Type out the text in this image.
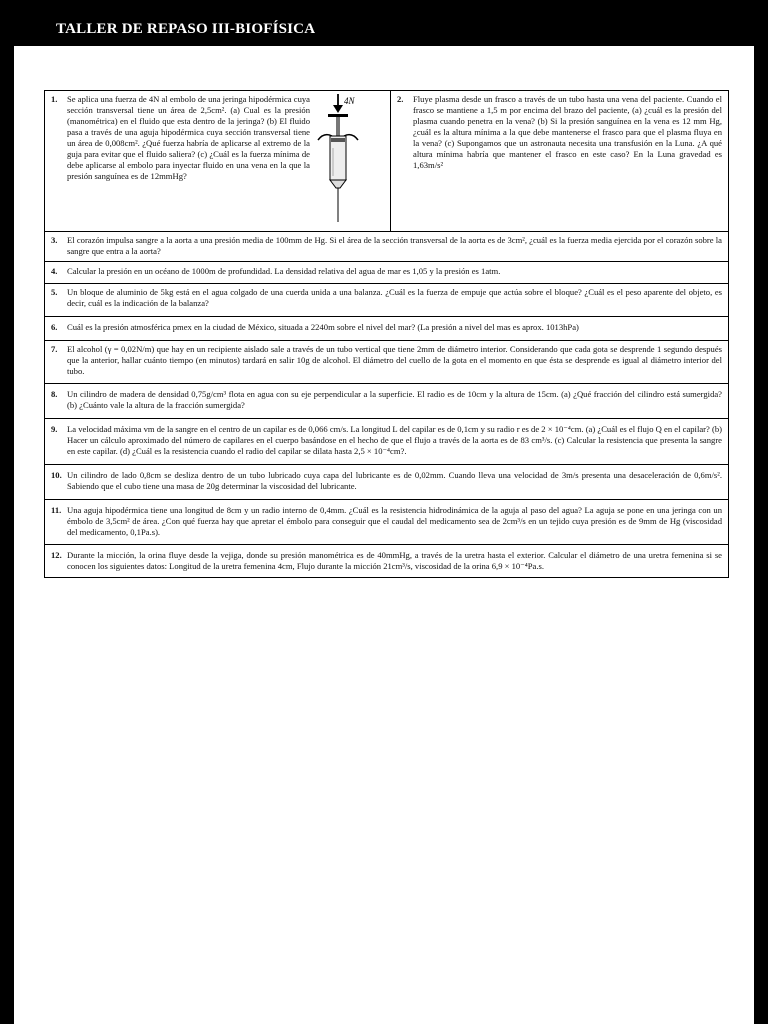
TALLER DE REPASO III-BIOFÍSICA
1.	Se aplica una fuerza de 4N al embolo de una jeringa hipodérmica cuya sección transversal tiene un área de 2,5cm². (a) Cual es la presión (manométrica) en el fluido que esta dentro de la jeringa? (b) El fluido pasa a través de una aguja hipodérmica cuya sección transversal tiene un área de 0,008cm². ¿Qué fuerza habría de aplicarse al extremo de la guja para evitar que el fluido saliera? (c) ¿Cuál es la fuerza mínima de debe aplicarse al embolo para inyectar fluido en una vena en la que la presión sanguínea es de 12mmHg?
4N	2.	Fluye plasma desde un frasco a través de un tubo hasta una vena del paciente. Cuando el frasco se mantiene a 1,5 m por encima del brazo del paciente, (a) ¿cuál es la presión del plasma cuando penetra en la vena? (b) Si la presión sanguínea en la vena es 12 mm Hg, ¿cuál es la altura mínima a la que debe mantenerse el frasco para que el plasma fluya en la vena? (c) Supongamos que un astronauta necesita una transfusión en la Luna. ¿A qué altura mínima habría que mantener el frasco en este caso? En la Luna gravedad es 1,63m/s²

3.	El corazón impulsa sangre a la aorta a una presión media de 100mm de Hg. Si el área de la sección transversal de la aorta es de 3cm², ¿cuál es la fuerza media ejercida por el corazón sobre la sangre que entra a la aorta?

4.	Calcular la presión en un océano de 1000m de profundidad. La densidad relativa del agua de mar es 1,05 y la presión es 1atm.

5.	Un bloque de aluminio de 5kg está en el agua colgado de una cuerda unida a una balanza. ¿Cuál es la fuerza de empuje que actúa sobre el bloque? ¿Cuál es el peso aparente del objeto, es decir, cuál es la indicación de la balanza?

6.	Cuál es la presión atmosférica pmex en la ciudad de México, situada a 2240m sobre el nivel del mar? (La presión a nivel del mas es aprox. 1013hPa)

7.	El alcohol (γ = 0,02N/m) que hay en un recipiente aislado sale a través de un tubo vertical que tiene 2mm de diámetro interior. Considerando que cada gota se desprende 1 segundo después que la anterior, hallar cuánto tiempo (en minutos) tardará en salir 10g de alcohol. El diámetro del cuello de la gota en el momento en que ésta se desprende es igual al diámetro interior del tubo.

8.	Un cilindro de madera de densidad 0,75g/cm³ flota en agua con su eje perpendicular a la superficie. El radio es de 10cm y la altura de 15cm. (a) ¿Qué fracción del cilindro está sumergida? (b) ¿Cuánto vale la altura de la fracción sumergida?

9.	La velocidad máxima vm de la sangre en el centro de un capilar es de 0,066 cm/s. La longitud L del capilar es de 0,1cm y su radio r es de 2 × 10⁻⁴cm. (a) ¿Cuál es el flujo Q en el capilar? (b) Hacer un cálculo aproximado del número de capilares en el cuerpo basándose en el hecho de que el flujo a través de la aorta es de 83 cm³/s. (c) Calcular la resistencia que presenta la sangre en este capilar. (d) ¿Cuál es la resistencia cuando el radio del capilar se dilata hasta 2,5 × 10⁻⁴cm?.

10. Un cilindro de lado 0,8cm se desliza dentro de un tubo lubricado cuya capa del lubricante es de 0,02mm. Cuando lleva una velocidad de 3m/s presenta una desaceleración de 0,6m/s². Sabiendo que el cubo tiene una masa de 20g determinar la viscosidad del lubricante.

11. Una aguja hipodérmica tiene una longitud de 8cm y un radio interno de 0,4mm. ¿Cuál es la resistencia hidrodinámica de la aguja al paso del agua? La aguja se pone en una jeringa con un émbolo de 3,5cm² de área. ¿Con qué fuerza hay que apretar el émbolo para conseguir que el caudal del medicamento sea de 2cm³/s en un tejido cuya presión es de 9mm de Hg (viscosidad del medicamento, 0,1Pa.s).

12. Durante la micción, la orina fluye desde la vejiga, donde su presión manométrica es de 40mmHg, a través de la uretra hasta el exterior. Calcular el diámetro de una uretra femenina si se conocen los siguientes datos: Longitud de la uretra femenina 4cm, Flujo durante la micción 21cm³/s, viscosidad de la orina 6,9 × 10⁻⁴Pa.s.
1
